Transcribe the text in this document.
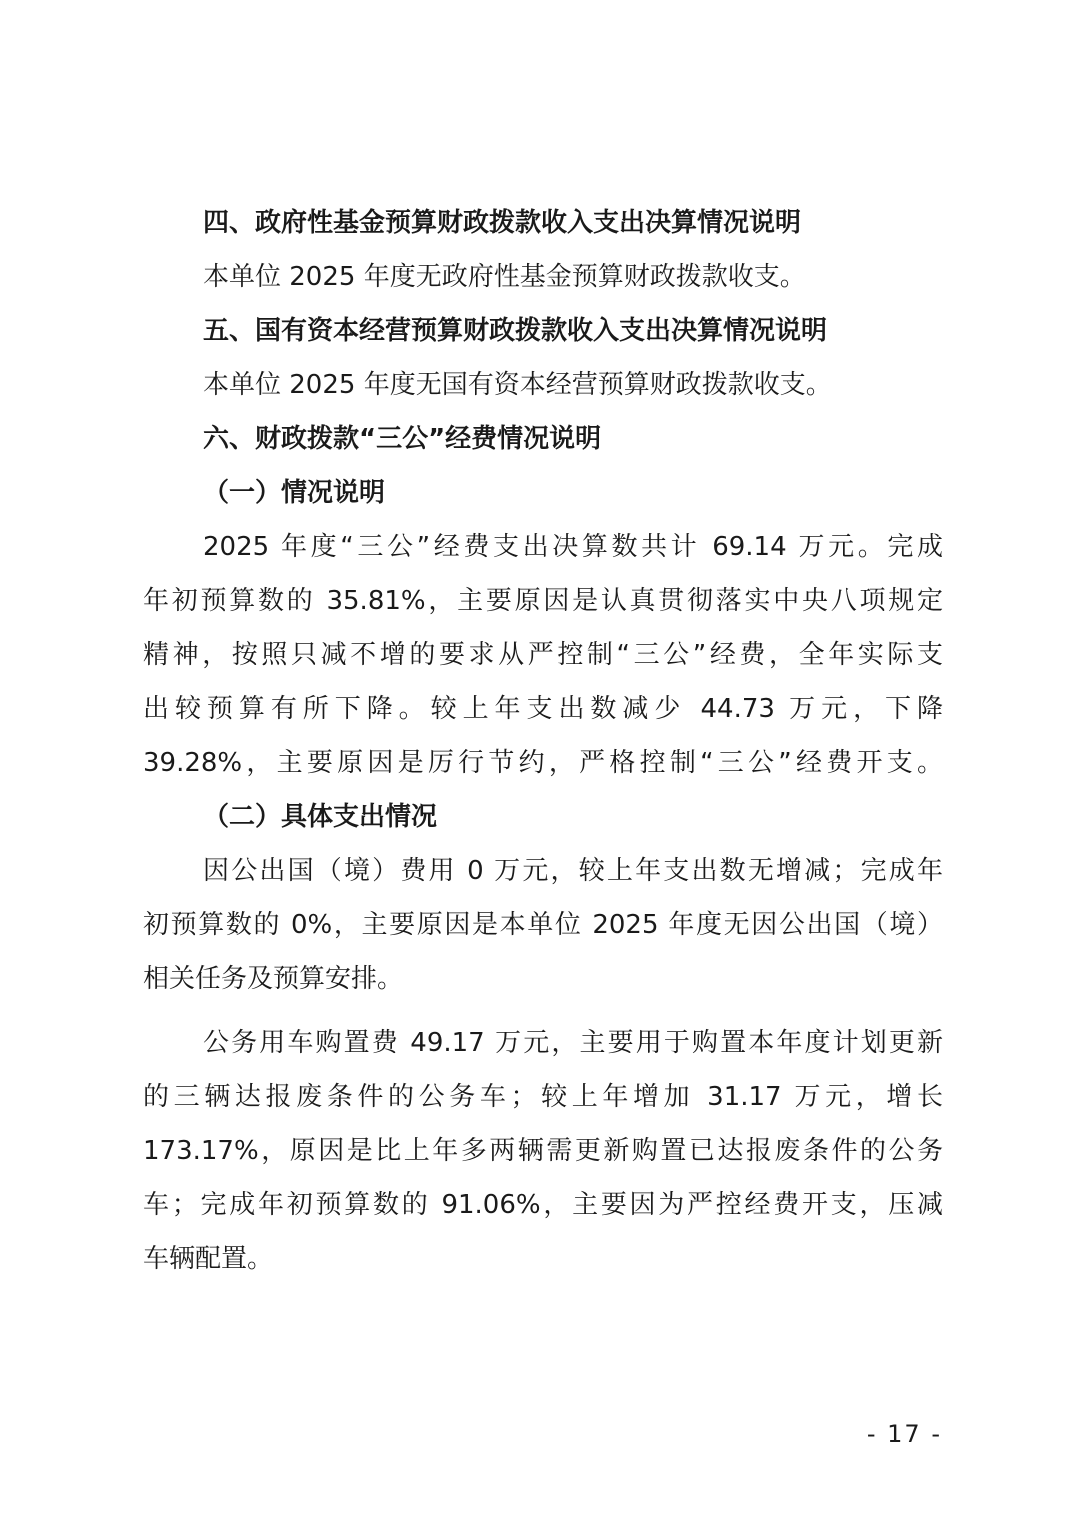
四、政府性基金预算财政拨款收入支出决算情况说明
本单位 2025 年度无政府性基金预算财政拨款收支。
五、国有资本经营预算财政拨款收入支出决算情况说明
本单位 2025 年度无国有资本经营预算财政拨款收支。
六、财政拨款“三公”经费情况说明
（一）情况说明
2025 年度“三公”经费支出决算数共计 69.14 万元。完成
年初预算数的 35.81%，主要原因是认真贯彻落实中央八项规定
精神，按照只减不增的要求从严控制“三公”经费，全年实际支
出较预算有所下降。较上年支出数减少 44.73 万元，下降
39.28%，主要原因是厉行节约，严格控制“三公”经费开支。
（二）具体支出情况
因公出国（境）费用 0 万元，较上年支出数无增减；完成年
初预算数的 0%，主要原因是本单位 2025 年度无因公出国（境）
相关任务及预算安排。
公务用车购置费 49.17 万元，主要用于购置本年度计划更新
的三辆达报废条件的公务车；较上年增加 31.17 万元，增长
173.17%，原因是比上年多两辆需更新购置已达报废条件的公务
车；完成年初预算数的 91.06%，主要因为严控经费开支，压减
车辆配置。
- 17 -
